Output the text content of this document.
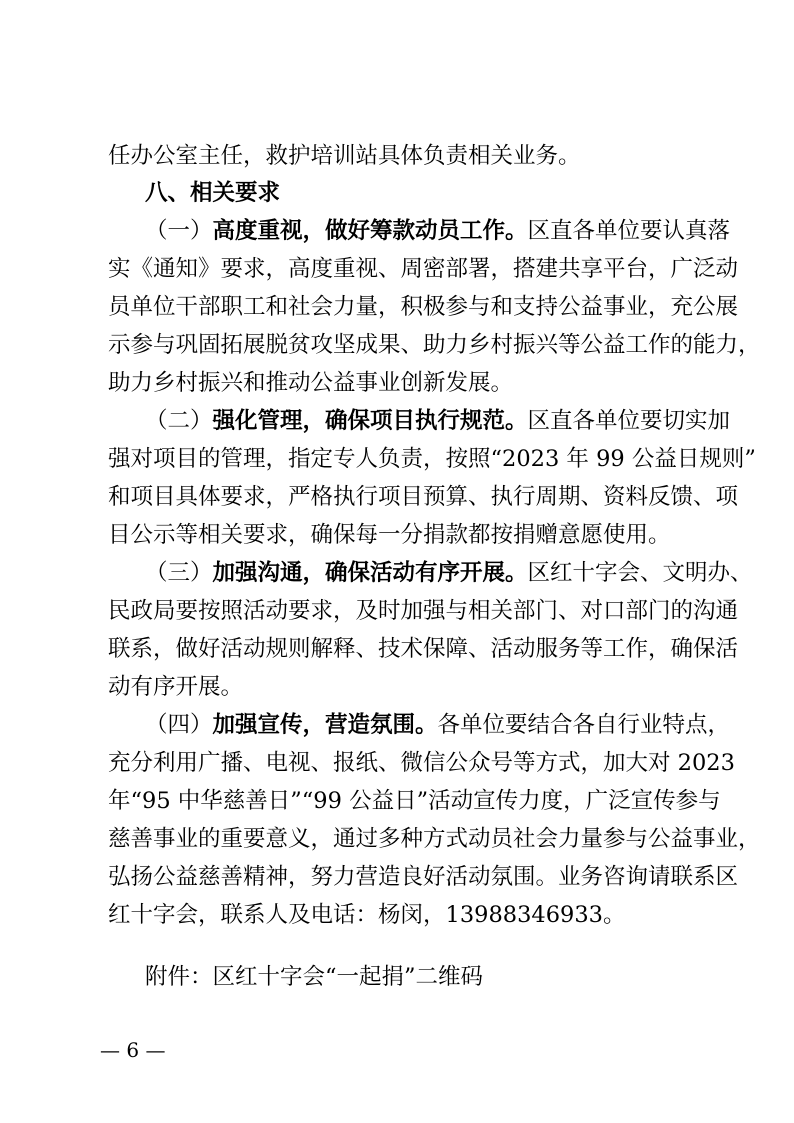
任办公室主任，救护培训站具体负责相关业务。
八、相关要求
（一）高度重视，做好筹款动员工作。区直各单位要认真落
实《通知》要求，高度重视、周密部署，搭建共享平台，广泛动
员单位干部职工和社会力量，积极参与和支持公益事业，充公展
示参与巩固拓展脱贫攻坚成果、助力乡村振兴等公益工作的能力，
助力乡村振兴和推动公益事业创新发展。
（二）强化管理，确保项目执行规范。区直各单位要切实加
强对项目的管理，指定专人负责，按照“2023 年 99 公益日规则”
和项目具体要求，严格执行项目预算、执行周期、资料反馈、项
目公示等相关要求，确保每一分捐款都按捐赠意愿使用。
（三）加强沟通，确保活动有序开展。区红十字会、文明办、
民政局要按照活动要求，及时加强与相关部门、对口部门的沟通
联系，做好活动规则解释、技术保障、活动服务等工作，确保活
动有序开展。
（四）加强宣传，营造氛围。各单位要结合各自行业特点，
充分利用广播、电视、报纸、微信公众号等方式，加大对 2023
年“95 中华慈善日”“99 公益日”活动宣传力度，广泛宣传参与
慈善事业的重要意义，通过多种方式动员社会力量参与公益事业，
弘扬公益慈善精神，努力营造良好活动氛围。业务咨询请联系区
红十字会，联系人及电话：杨闵，13988346933。
附件：区红十字会“一起捐”二维码
— 6 —
